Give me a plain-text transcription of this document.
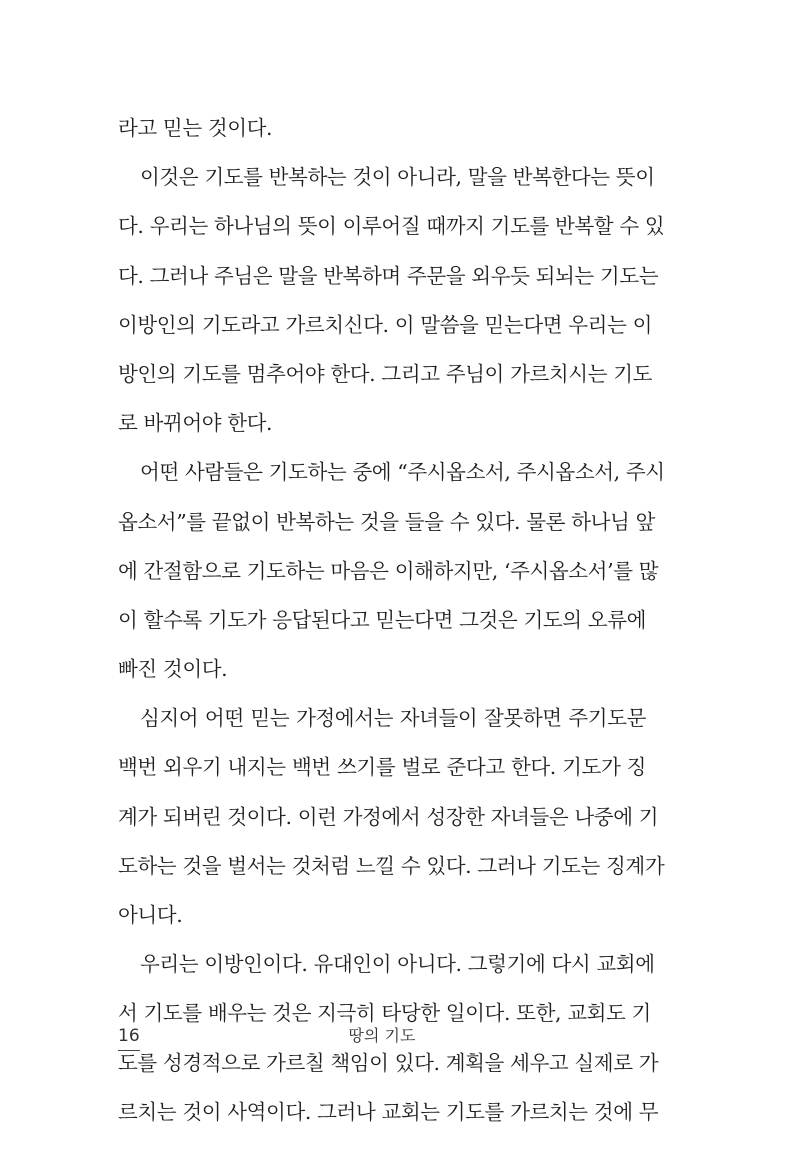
라고 믿는 것이다.
이것은 기도를 반복하는 것이 아니라, 말을 반복한다는 뜻이
다. 우리는 하나님의 뜻이 이루어질 때까지 기도를 반복할 수 있
다. 그러나 주님은 말을 반복하며 주문을 외우듯 되뇌는 기도는
이방인의 기도라고 가르치신다. 이 말씀을 믿는다면 우리는 이
방인의 기도를 멈추어야 한다. 그리고 주님이 가르치시는 기도
로 바뀌어야 한다.
어떤 사람들은 기도하는 중에 “주시옵소서, 주시옵소서, 주시
옵소서”를 끝없이 반복하는 것을 들을 수 있다. 물론 하나님 앞
에 간절함으로 기도하는 마음은 이해하지만, ‘주시옵소서’를 많
이 할수록 기도가 응답된다고 믿는다면 그것은 기도의 오류에
빠진 것이다.
심지어 어떤 믿는 가정에서는 자녀들이 잘못하면 주기도문
백번 외우기 내지는 백번 쓰기를 벌로 준다고 한다. 기도가 징
계가 되버린 것이다. 이런 가정에서 성장한 자녀들은 나중에 기
도하는 것을 벌서는 것처럼 느낄 수 있다. 그러나 기도는 징계가
아니다.
우리는 이방인이다. 유대인이 아니다. 그렇기에 다시 교회에
서 기도를 배우는 것은 지극히 타당한 일이다. 또한, 교회도 기
도를 성경적으로 가르칠 책임이 있다. 계획을 세우고 실제로 가
르치는 것이 사역이다. 그러나 교회는 기도를 가르치는 것에 무
16	땅의 기도
